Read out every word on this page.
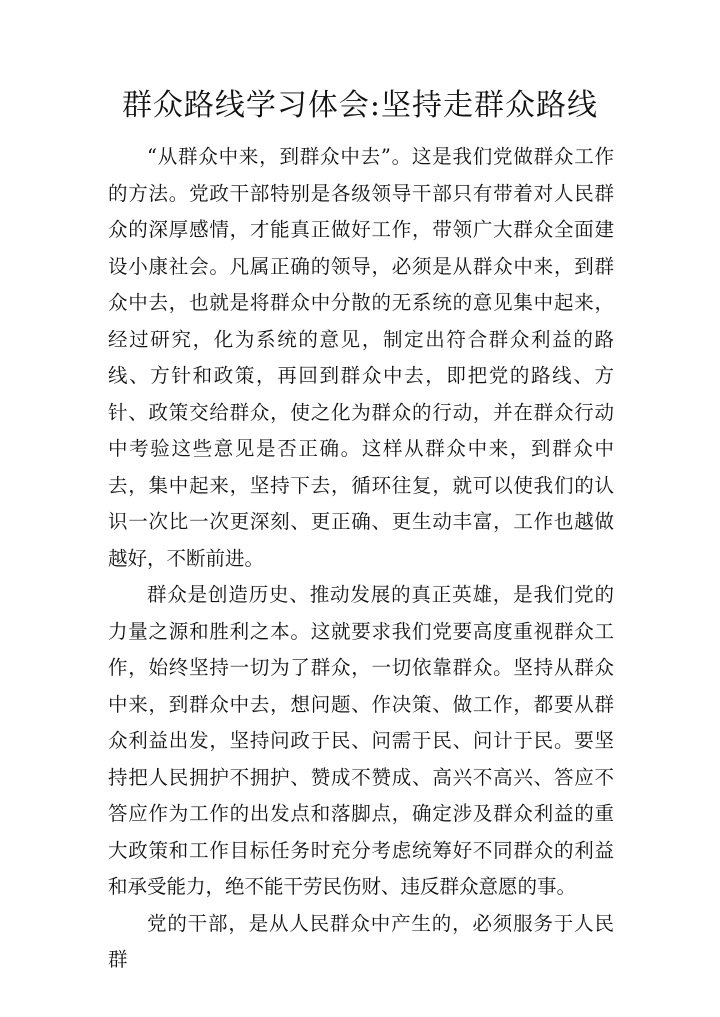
群众路线学习体会:坚持走群众路线

“从群众中来，到群众中去”。这是我们党做群众工作的方法。党政干部特别是各级领导干部只有带着对人民群众的深厚感情，才能真正做好工作，带领广大群众全面建设小康社会。凡属正确的领导，必须是从群众中来，到群众中去，也就是将群众中分散的无系统的意见集中起来，经过研究，化为系统的意见，制定出符合群众利益的路线、方针和政策，再回到群众中去，即把党的路线、方针、政策交给群众，使之化为群众的行动，并在群众行动中考验这些意见是否正确。这样从群众中来，到群众中去，集中起来，坚持下去，循环往复，就可以使我们的认识一次比一次更深刻、更正确、更生动丰富，工作也越做越好，不断前进。

群众是创造历史、推动发展的真正英雄，是我们党的力量之源和胜利之本。这就要求我们党要高度重视群众工作，始终坚持一切为了群众，一切依靠群众。坚持从群众中来，到群众中去，想问题、作决策、做工作，都要从群众利益出发，坚持问政于民、问需于民、问计于民。要坚持把人民拥护不拥护、赞成不赞成、高兴不高兴、答应不答应作为工作的出发点和落脚点，确定涉及群众利益的重大政策和工作目标任务时充分考虑统筹好不同群众的利益和承受能力，绝不能干劳民伤财、违反群众意愿的事。

党的干部，是从人民群众中产生的，必须服务于人民群
